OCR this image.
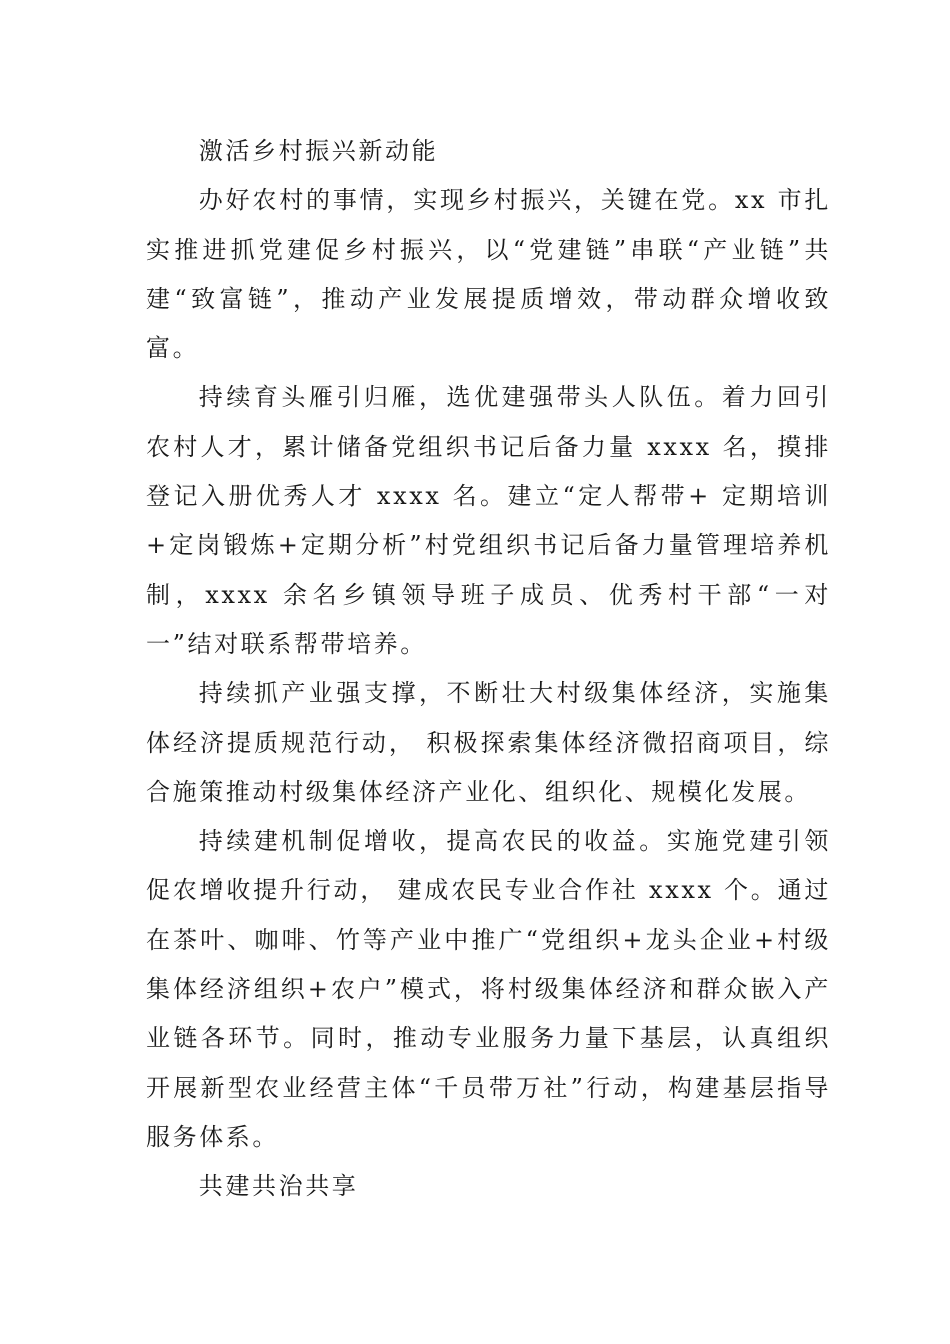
激活乡村振兴新动能

办好农村的事情，实现乡村振兴，关键在党。xx 市扎实推进抓党建促乡村振兴，以“党建链”串联“产业链”共建“致富链”，推动产业发展提质增效，带动群众增收致富。

持续育头雁引归雁，选优建强带头人队伍。着力回引农村人才，累计储备党组织书记后备力量 xxxx 名，摸排登记入册优秀人才 xxxx 名。建立“定人帮带+ 定期培训+定岗锻炼+定期分析”村党组织书记后备力量管理培养机制，xxxx 余名乡镇领导班子成员、优秀村干部“一对一”结对联系帮带培养。

持续抓产业强支撑，不断壮大村级集体经济，实施集体经济提质规范行动， 积极探索集体经济微招商项目，综合施策推动村级集体经济产业化、组织化、规模化发展。

持续建机制促增收，提高农民的收益。实施党建引领促农增收提升行动， 建成农民专业合作社 xxxx 个。通过在茶叶、咖啡、竹等产业中推广“党组织+龙头企业+村级集体经济组织+农户”模式，将村级集体经济和群众嵌入产业链各环节。同时，推动专业服务力量下基层，认真组织开展新型农业经营主体“千员带万社”行动，构建基层指导服务体系。

共建共治共享
